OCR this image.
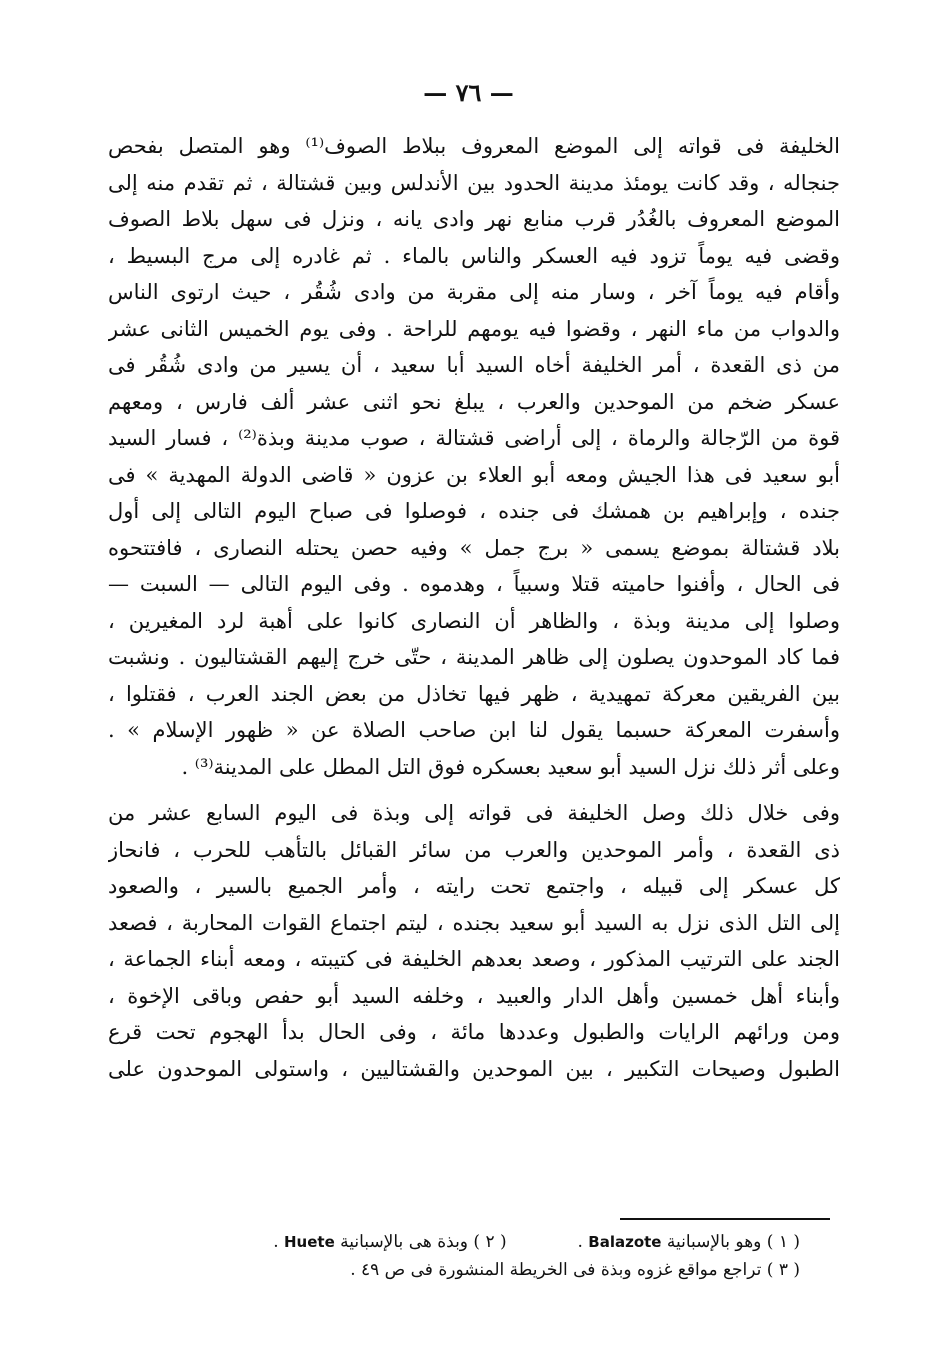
— ٧٦ —
الخليفة فى قواته إلى الموضع المعروف ببلاط الصوف⁽¹⁾ وهو المتصل بفحص
جنجاله ، وقد كانت يومئذ مدينة الحدود بين الأندلس وبين قشتالة ، ثم تقدم منه إلى
الموضع المعروف بالغُدُر قرب منابع نهر وادى يانه ، ونزل فى سهل بلاط الصوف
وقضى فيه يوماً تزود فيه العسكر والناس بالماء . ثم غادره إلى مرج البسيط ،
وأقام فيه يوماً آخر ، وسار منه إلى مقربة من وادى شُقُر ، حيث ارتوى الناس
والدواب من ماء النهر ، وقضوا فيه يومهم للراحة . وفى يوم الخميس الثانى عشر
من ذى القعدة ، أمر الخليفة أخاه السيد أبا سعيد ، أن يسير من وادى شُقُر فى
عسكر ضخم من الموحدين والعرب ، يبلغ نحو اثنى عشر ألف فارس ، ومعهم
قوة من الرّجالة والرماة ، إلى أراضى قشتالة ، صوب مدينة وبذة⁽²⁾ ، فسار السيد
أبو سعيد فى هذا الجيش ومعه أبو العلاء بن عزون « قاضى الدولة المهدية » فى
جنده ، وإبراهيم بن همشك فى جنده ، فوصلوا فى صباح اليوم التالى إلى أول
بلاد قشتالة بموضع يسمى « برج جمل » وفيه حصن يحتله النصارى ، فافتتحوه
فى الحال ، وأفنوا حاميته قتلا وسبياً ، وهدموه . وفى اليوم التالى — السبت —
وصلوا إلى مدينة وبذة ، والظاهر أن النصارى كانوا على أهبة لرد المغيرين ،
فما كاد الموحدون يصلون إلى ظاهر المدينة ، حتّى خرج إليهم القشتاليون . ونشبت
بين الفريقين معركة تمهيدية ، ظهر فيها تخاذل من بعض الجند العرب ، فقتلوا ،
وأسفرت المعركة حسبما يقول لنا ابن صاحب الصلاة عن « ظهور الإسلام » .
وعلى أثر ذلك نزل السيد أبو سعيد بعسكره فوق التل المطل على المدينة⁽³⁾ .
وفى خلال ذلك وصل الخليفة فى قواته إلى وبذة فى اليوم السابع عشر من
ذى القعدة ، وأمر الموحدين والعرب من سائر القبائل بالتأهب للحرب ، فانحاز
كل عسكر إلى قبيله ، واجتمع تحت رايته ، وأمر الجميع بالسير ، والصعود
إلى التل الذى نزل به السيد أبو سعيد بجنده ، ليتم اجتماع القوات المحاربة ، فصعد
الجند على الترتيب المذكور ، وصعد بعدهم الخليفة فى كتيبته ، ومعه أبناء الجماعة ،
وأبناء أهل خمسين وأهل الدار والعبيد ، وخلفه السيد أبو حفص وباقى الإخوة ،
ومن ورائهم الرايات والطبول وعددها مائة ، وفى الحال بدأ الهجوم تحت قرع
الطبول وصيحات التكبير ، بين الموحدين والقشتاليين ، واستولى الموحدون على
( ١ ) وهو بالإسبانية Balazote .  ( ٢ ) وبذة هى بالإسبانية Huete .
( ٣ ) تراجع مواقع غزوه وبذة فى الخريطة المنشورة فى ص ٤٩ .
